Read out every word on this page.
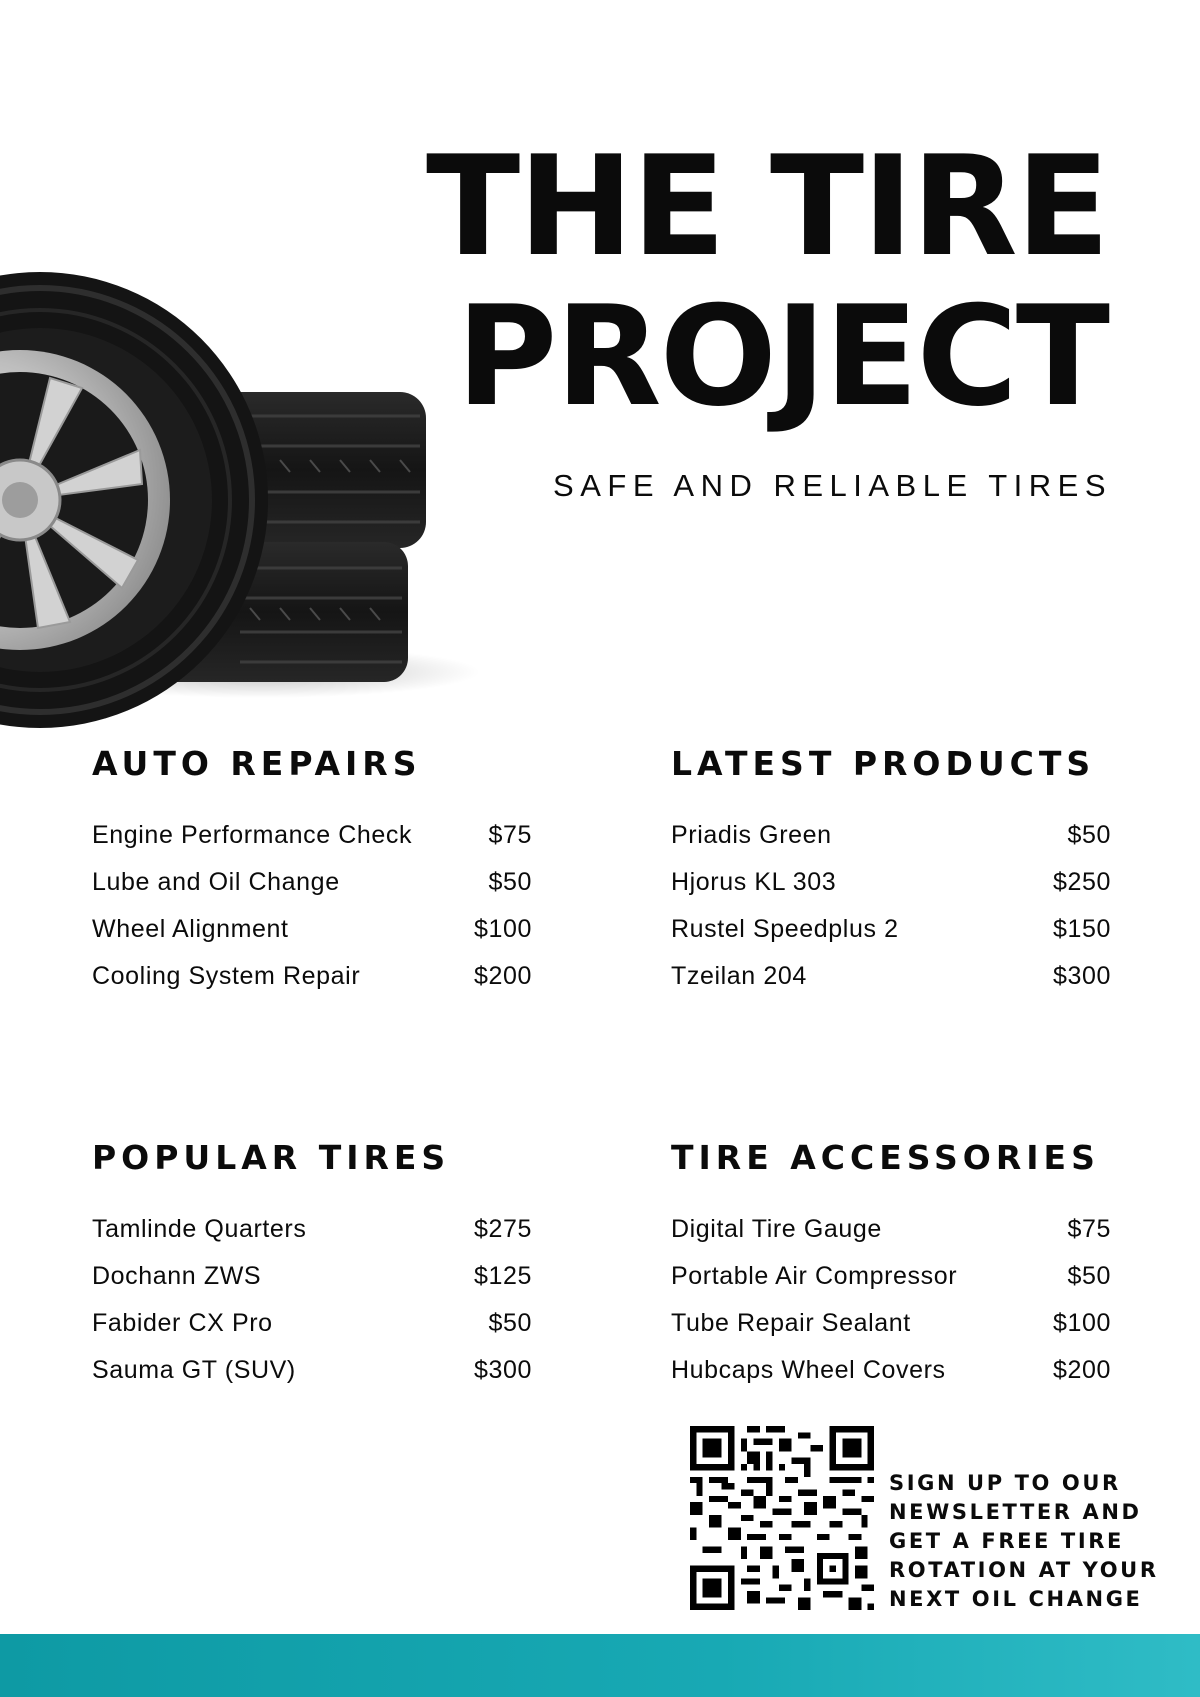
THE TIRE
PROJECT

SAFE AND RELIABLE TIRES

AUTO REPAIRS
Engine Performance Check	$75
Lube and Oil Change	$50
Wheel Alignment	$100
Cooling System Repair	$200
LATEST PRODUCTS
Priadis Green	$50
Hjorus KL 303	$250
Rustel Speedplus 2	$150
Tzeilan 204	$300
POPULAR TIRES
Tamlinde Quarters	$275
Dochann ZWS	$125
Fabider CX Pro	$50
Sauma GT (SUV)	$300
TIRE ACCESSORIES
Digital Tire Gauge	$75
Portable Air Compressor	$50
Tube Repair Sealant	$100
Hubcaps Wheel Covers	$200

SIGN UP TO OUR
NEWSLETTER AND
GET A FREE TIRE
ROTATION AT YOUR
NEXT OIL CHANGE
